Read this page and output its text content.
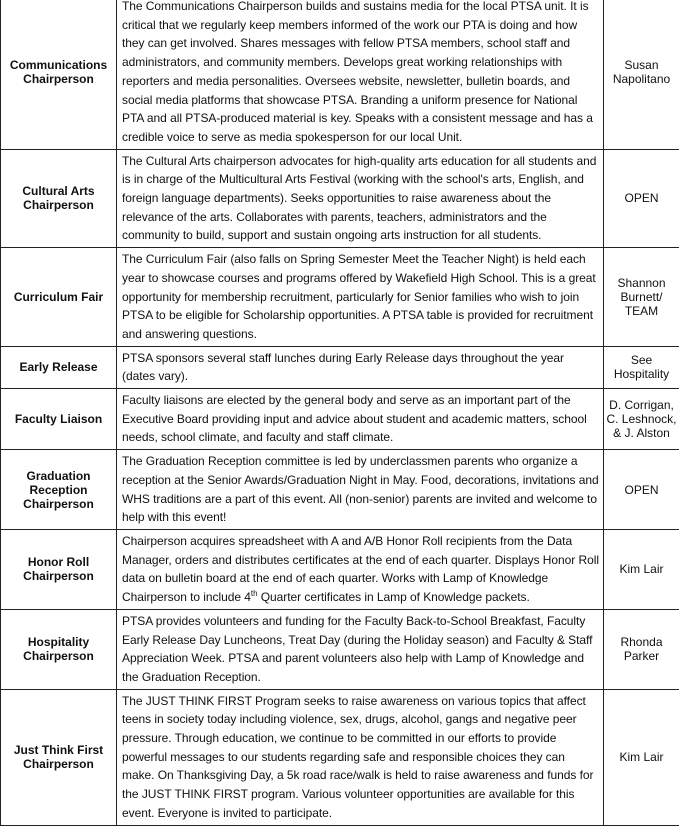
Communications Chairperson	The Communications Chairperson builds and sustains media for the local PTSA unit. It is critical that we regularly keep members informed of the work our PTA is doing and how they can get involved. Shares messages with fellow PTSA members, school staff and administrators, and community members. Develops great working relationships with reporters and media personalities. Oversees website, newsletter, bulletin boards, and social media platforms that showcase PTSA. Branding a uniform presence for National PTA and all PTSA-produced material is key. Speaks with a consistent message and has a credible voice to serve as media spokesperson for our local Unit.	Susan Napolitano
Cultural Arts Chairperson	The Cultural Arts chairperson advocates for high-quality arts education for all students and is in charge of the Multicultural Arts Festival (working with the school's arts, English, and foreign language departments). Seeks opportunities to raise awareness about the relevance of the arts. Collaborates with parents, teachers, administrators and the community to build, support and sustain ongoing arts instruction for all students.	OPEN
Curriculum Fair	The Curriculum Fair (also falls on Spring Semester Meet the Teacher Night) is held each year to showcase courses and programs offered by Wakefield High School. This is a great opportunity for membership recruitment, particularly for Senior families who wish to join PTSA to be eligible for Scholarship opportunities. A PTSA table is provided for recruitment and answering questions.	Shannon Burnett/ TEAM
Early Release	PTSA sponsors several staff lunches during Early Release days throughout the year (dates vary).	See Hospitality
Faculty Liaison	Faculty liaisons are elected by the general body and serve as an important part of the Executive Board providing input and advice about student and academic matters, school needs, school climate, and faculty and staff climate.	D. Corrigan, C. Leshnock, & J. Alston
Graduation Reception Chairperson	The Graduation Reception committee is led by underclassmen parents who organize a reception at the Senior Awards/Graduation Night in May. Food, decorations, invitations and WHS traditions are a part of this event. All (non-senior) parents are invited and welcome to help with this event!	OPEN
Honor Roll Chairperson	Chairperson acquires spreadsheet with A and A/B Honor Roll recipients from the Data Manager, orders and distributes certificates at the end of each quarter. Displays Honor Roll data on bulletin board at the end of each quarter. Works with Lamp of Knowledge Chairperson to include 4th Quarter certificates in Lamp of Knowledge packets.	Kim Lair
Hospitality Chairperson	PTSA provides volunteers and funding for the Faculty Back-to-School Breakfast, Faculty Early Release Day Luncheons, Treat Day (during the Holiday season) and Faculty & Staff Appreciation Week. PTSA and parent volunteers also help with Lamp of Knowledge and the Graduation Reception.	Rhonda Parker
Just Think First Chairperson	The JUST THINK FIRST Program seeks to raise awareness on various topics that affect teens in society today including violence, sex, drugs, alcohol, gangs and negative peer pressure. Through education, we continue to be committed in our efforts to provide powerful messages to our students regarding safe and responsible choices they can make. On Thanksgiving Day, a 5k road race/walk is held to raise awareness and funds for the JUST THINK FIRST program. Various volunteer opportunities are available for this event. Everyone is invited to participate.	Kim Lair
